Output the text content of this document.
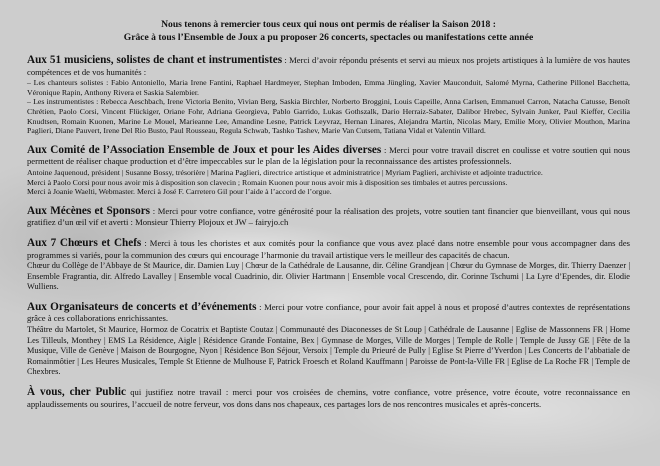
Nous tenons à remercier tous ceux qui nous ont permis de réaliser la Saison 2018 :
Grâce à tous l’Ensemble de Joux a pu proposer 26 concerts, spectacles ou manifestations cette année
Aux 51 musiciens, solistes de chant et instrumentistes : Merci d’avoir répondu présents et servi au mieux nos projets artistiques à la lumière de vos hautes compétences et de vos humanités :
– Les chanteurs solistes : Fabio Antoniello, Maria Irene Fantini, Raphael Hardmeyer, Stephan Imboden, Emma Jüngling, Xavier Mauconduit, Salomé Myrna, Catherine Pillonel Bacchetta, Véronique Rapin, Anthony Rivera et Saskia Salembier.
– Les instrumentistes : Rebecca Aeschbach, Irene Victoria Benito, Vivian Berg, Saskia Birchler, Norberto Broggini, Louis Capeille, Anna Carlsen, Emmanuel Carron, Natacha Catusse, Benoît Chrétien, Paolo Corsi, Vincent Flückiger, Oriane Fohr, Adriana Georgieva, Pablo Garrido, Lukas Gothszalk, Dario Herraiz-Sabater, Dalibor Hrebec, Sylvain Junker, Paul Kieffer, Cecilia Knudtsen, Romain Kuonen, Marine Le Mouel, Marieanne Lee, Amandine Lesne, Patrick Leyvraz, Hernan Linares, Alejandra Martin, Nicolas Mary, Emilie Mory, Olivier Mouthon, Marina Paglieri, Diane Pauvert, Irene Del Rio Busto, Paul Rousseau, Regula Schwab, Tashko Tashev, Marie Van Cutsem, Tatiana Vidal et Valentin Villard.
Aux Comité de l’Association Ensemble de Joux et pour les Aides diverses : Merci pour votre travail discret en coulisse et votre soutien qui nous permettent de réaliser chaque production et d’être impeccables sur le plan de la législation pour la reconnaissance des artistes professionnels.
Antoine Jaquenoud, président | Susanne Bossy, trésorière | Marina Paglieri, directrice artistique et administratrice | Myriam Paglieri, archiviste et adjointe traductrice.
Merci à Paolo Corsi pour nous avoir mis à disposition son clavecin ; Romain Kuonen pour nous avoir mis à disposition ses timbales et autres percussions.
Merci à Joanie Waelti, Webmaster. Merci à José F. Carretero Gil pour l’aide à l’accord de l’orgue.
Aux Mécènes et Sponsors : Merci pour votre confiance, votre générosité pour la réalisation des projets, votre soutien tant financier que bienveillant, vous qui nous gratifiez d’un œil vif et averti : Monsieur Thierry Plojoux et JW – fairyjo.ch
Aux 7 Chœurs et Chefs : Merci à tous les choristes et aux comités pour la confiance que vous avez placé dans notre ensemble pour vous accompagner dans des programmes si variés, pour la communion des cœurs qui encourage l’harmonie du travail artistique vers le meilleur des capacités de chacun.
Chœur du Collège de l’Abbaye de St Maurice, dir. Damien Luy | Chœur de la Cathédrale de Lausanne, dir. Céline Grandjean | Chœur du Gymnase de Morges, dir. Thierry Daenzer | Ensemble Fragrantia, dir. Alfredo Lavalley | Ensemble vocal Cuadrinio, dir. Olivier Hartmann | Ensemble vocal Crescendo, dir. Corinne Tschumi | La Lyre d’Ependes, dir. Elodie Wulliens.
Aux Organisateurs de concerts et d’événements : Merci pour votre confiance, pour avoir fait appel à nous et proposé d’autres contextes de représentations grâce à ces collaborations enrichissantes.
Théâtre du Martolet, St Maurice, Hormoz de Cocatrix et Baptiste Coutaz | Communauté des Diaconesses de St Loup | Cathédrale de Lausanne | Eglise de Massonnens FR | Home Les Tilleuls, Monthey | EMS La Résidence, Aigle | Résidence Grande Fontaine, Bex | Gymnase de Morges, Ville de Morges | Temple de Rolle | Temple de Jussy GE | Fête de la Musique, Ville de Genève | Maison de Bourgogne, Nyon | Résidence Bon Séjour, Versoix | Temple du Prieuré de Pully | Eglise St Pierre d’Yverdon | Les Concerts de l’abbatiale de Romainmôtier | Les Heures Musicales, Temple St Etienne de Mulhouse F, Patrick Froesch et Roland Kauffmann | Paroisse de Pont-la-Ville FR | Eglise de La Roche FR | Temple de Chexbres.
À vous, cher Public qui justifiez notre travail : merci pour vos croisées de chemins, votre confiance, votre présence, votre écoute, votre reconnaissance en applaudissements ou sourires, l’accueil de notre ferveur, vos dons dans nos chapeaux, ces partages lors de nos rencontres musicales et après-concerts.
